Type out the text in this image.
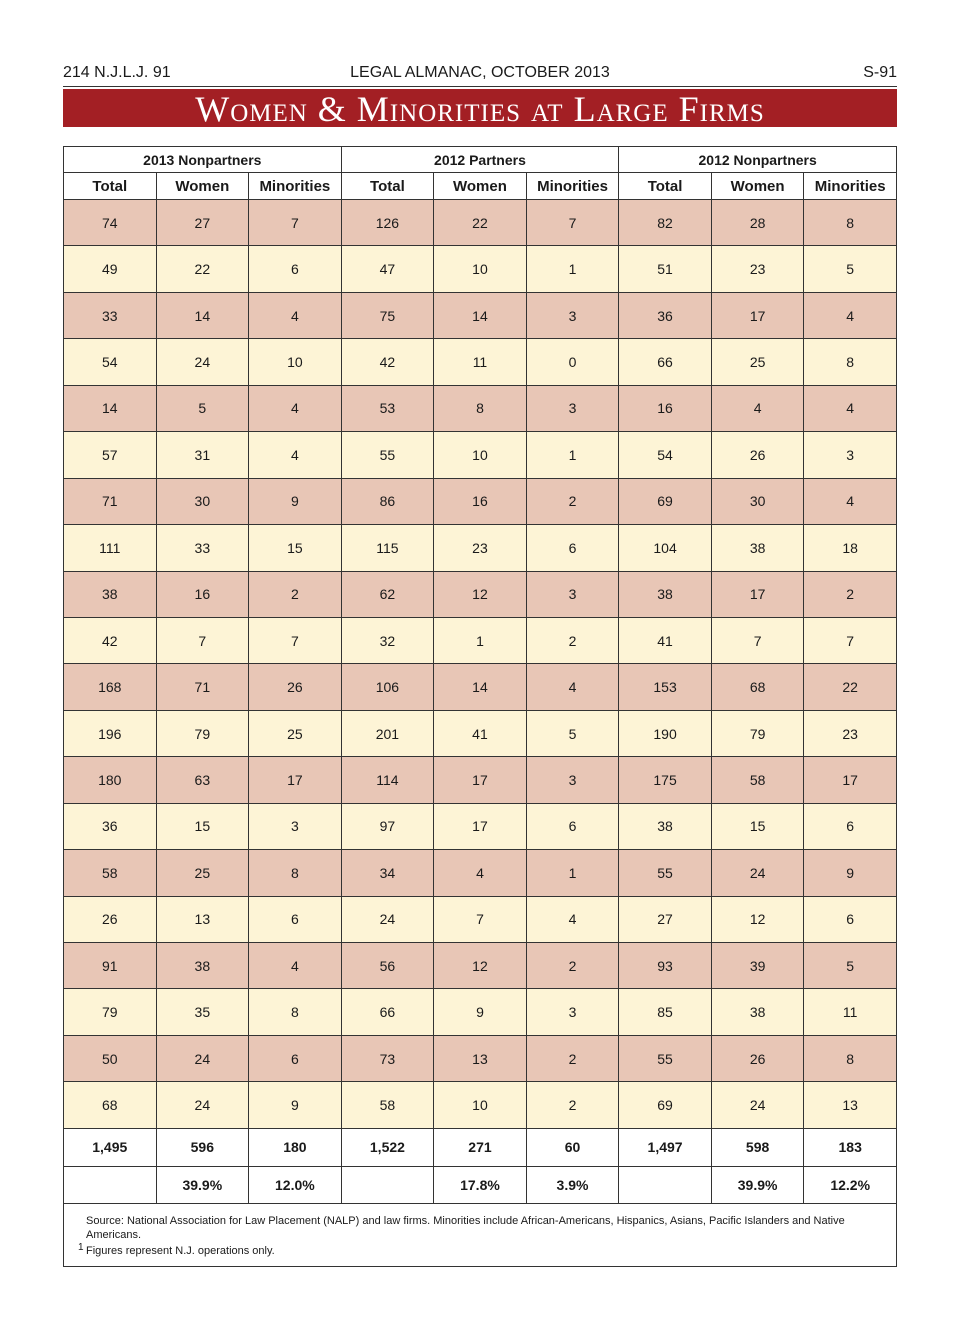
214 N.J.L.J. 91	LEGAL ALMANAC, OCTOBER 2013	S-91
Women & Minorities at Large Firms
2013 Nonpartners			2012 Partners			2012 Nonpartners		
Total	Women	Minorities	Total	Women	Minorities	Total	Women	Minorities
74	27	7	126	22	7	82	28	8
49	22	6	47	10	1	51	23	5
33	14	4	75	14	3	36	17	4
54	24	10	42	11	0	66	25	8
14	5	4	53	8	3	16	4	4
57	31	4	55	10	1	54	26	3
71	30	9	86	16	2	69	30	4
111	33	15	115	23	6	104	38	18
38	16	2	62	12	3	38	17	2
42	7	7	32	1	2	41	7	7
168	71	26	106	14	4	153	68	22
196	79	25	201	41	5	190	79	23
180	63	17	114	17	3	175	58	17
36	15	3	97	17	6	38	15	6
58	25	8	34	4	1	55	24	9
26	13	6	24	7	4	27	12	6
91	38	4	56	12	2	93	39	5
79	35	8	66	9	3	85	38	11
50	24	6	73	13	2	55	26	8
68	24	9	58	10	2	69	24	13
1,495	596	180	1,522	271	60	1,497	598	183
	39.9%	12.0%		17.8%	3.9%		39.9%	12.2%
Source: National Association for Law Placement (NALP) and law firms. Minorities include African-Americans, Hispanics, Asians, Pacific Islanders and Native Americans.
1 Figures represent N.J. operations only.
